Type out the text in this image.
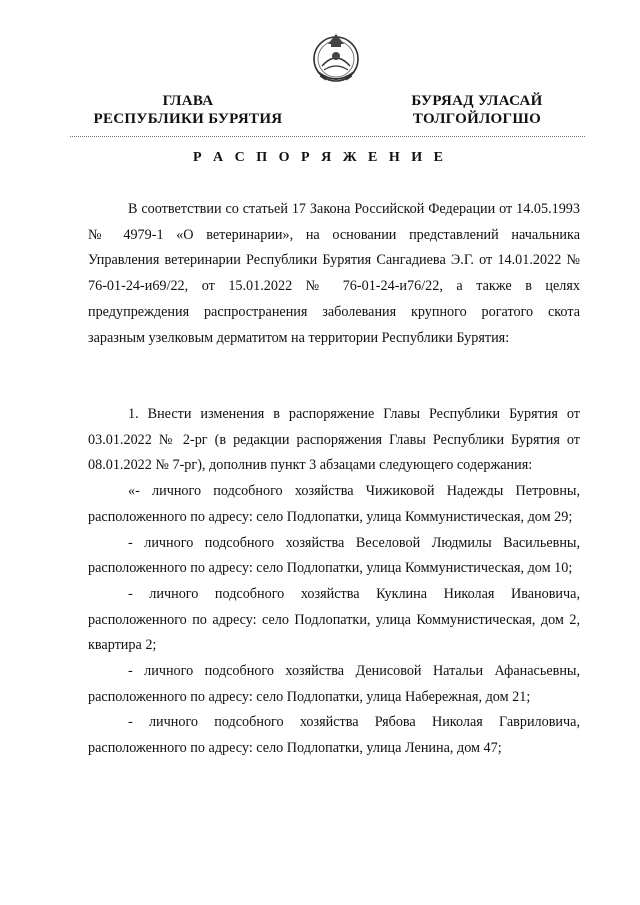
ГЛАВА
РЕСПУБЛИКИ БУРЯТИЯ
БУРЯАД УЛАСАЙ
ТОЛГОЙЛОГШО
Р А С П О Р Я Ж Е Н И Е

В соответствии со статьей 17 Закона Российской Федерации от 14.05.1993 № 4979-1 «О ветеринарии», на основании представлений начальника Управления ветеринарии Республики Бурятия Сангадиева Э.Г. от 14.01.2022 № 76-01-24-и69/22, от 15.01.2022 № 76-01-24-и76/22, а также в целях предупреждения распространения заболевания крупного рогатого скота заразным узелковым дерматитом на территории Республики Бурятия:

1. Внести изменения в распоряжение Главы Республики Бурятия от 03.01.2022 № 2-рг (в редакции распоряжения Главы Республики Бурятия от 08.01.2022 № 7-рг), дополнив пункт 3 абзацами следующего содержания:

«- личного подсобного хозяйства Чижиковой Надежды Петровны, расположенного по адресу: село Подлопатки, улица Коммунистическая, дом 29;

- личного подсобного хозяйства Веселовой Людмилы Васильевны, расположенного по адресу: село Подлопатки, улица Коммунистическая, дом 10;

- личного подсобного хозяйства Куклина Николая Ивановича, расположенного по адресу: село Подлопатки, улица Коммунистическая, дом 2, квартира 2;

- личного подсобного хозяйства Денисовой Натальи Афанасьевны, расположенного по адресу: село Подлопатки, улица Набережная, дом 21;

- личного подсобного хозяйства Рябова Николая Гавриловича, расположенного по адресу: село Подлопатки, улица Ленина, дом 47;
